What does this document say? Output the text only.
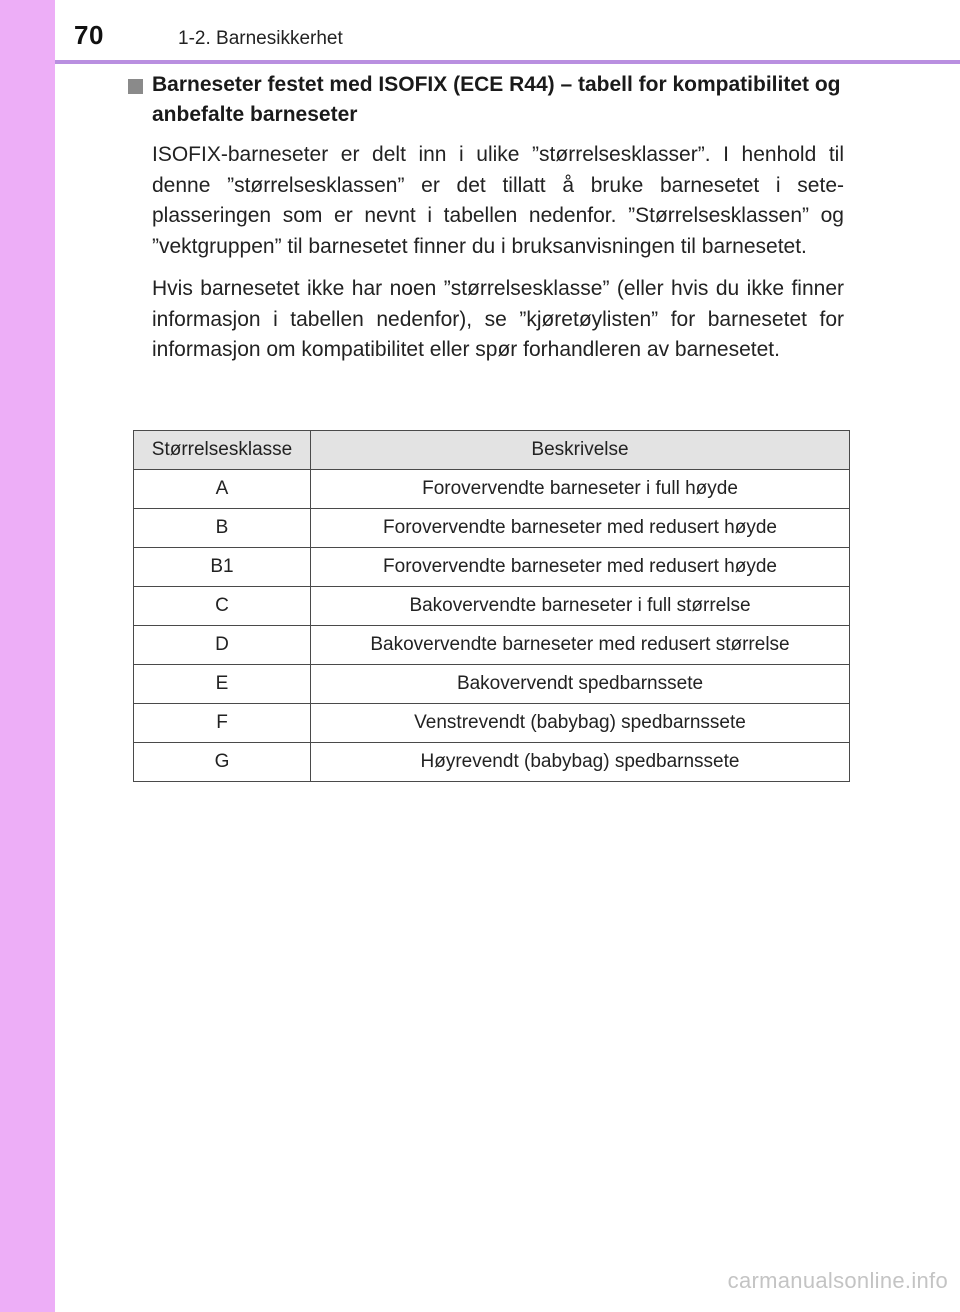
70	1-2. Barnesikkerhet
Barneseter festet med ISOFIX (ECE R44) – tabell for kompatibilitet og anbefalte barneseter

ISOFIX-barneseter er delt inn i ulike ”størrelsesklasser”. I henhold til denne ”størrelsesklassen” er det tillatt å bruke barnesetet i seteplasseringen som er nevnt i tabellen nedenfor. ”Størrelsesklassen” og ”vektgruppen” til barnesetet finner du i bruksanvisningen til barnesetet.

Hvis barnesetet ikke har noen ”størrelsesklasse” (eller hvis du ikke finner informasjon i tabellen nedenfor), se ”kjøretøylisten” for barnesetet for informasjon om kompatibilitet eller spør forhandleren av barnesetet.

Størrelsesklasse	Beskrivelse
A	Forovervendte barneseter i full høyde
B	Forovervendte barneseter med redusert høyde
B1	Forovervendte barneseter med redusert høyde
C	Bakovervendte barneseter i full størrelse
D	Bakovervendte barneseter med redusert størrelse
E	Bakovervendt spedbarnssete
F	Venstrevendt (babybag) spedbarnssete
G	Høyrevendt (babybag) spedbarnssete
carmanualsonline.info
